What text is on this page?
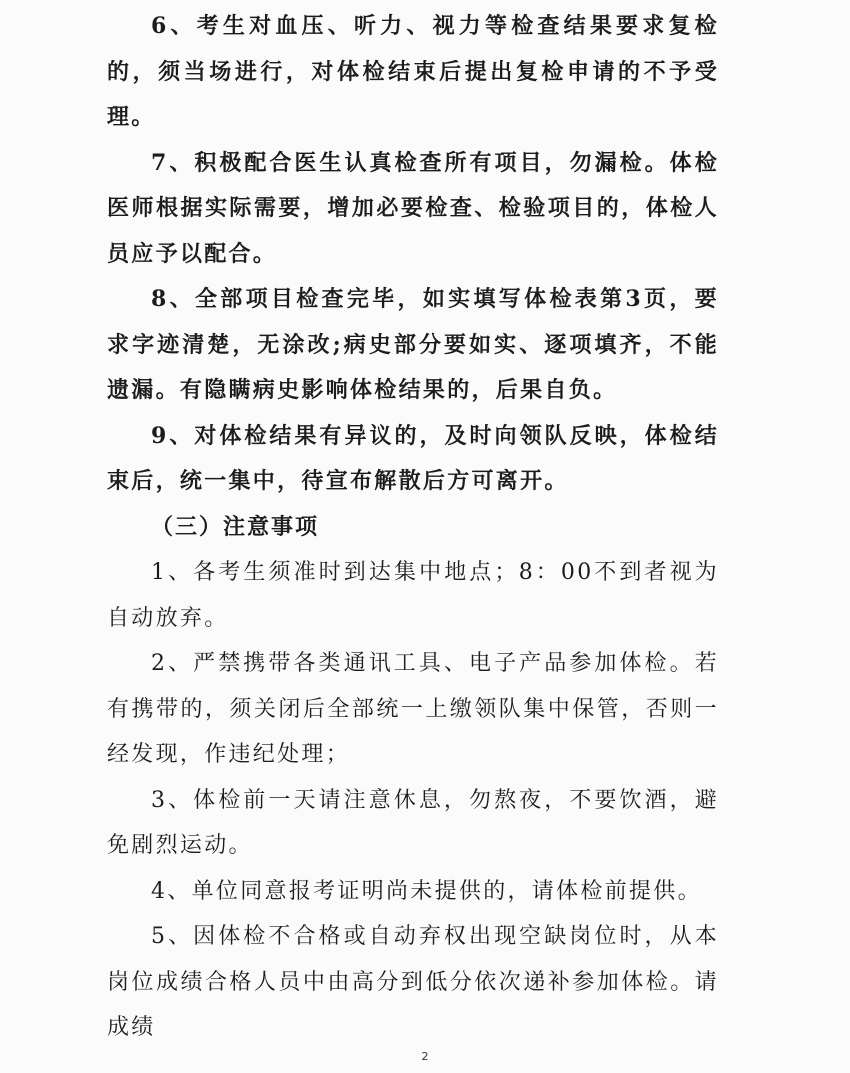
6、考生对血压、听力、视力等检查结果要求复检的，须当场进行，对体检结束后提出复检申请的不予受理。

7、积极配合医生认真检查所有项目，勿漏检。体检医师根据实际需要，增加必要检查、检验项目的，体检人员应予以配合。

8、全部项目检查完毕，如实填写体检表第3页，要求字迹清楚，无涂改;病史部分要如实、逐项填齐，不能遗漏。有隐瞒病史影响体检结果的，后果自负。

9、对体检结果有异议的，及时向领队反映，体检结束后，统一集中，待宣布解散后方可离开。

（三）注意事项

1、各考生须准时到达集中地点；8：00不到者视为自动放弃。

2、严禁携带各类通讯工具、电子产品参加体检。若有携带的，须关闭后全部统一上缴领队集中保管，否则一经发现，作违纪处理；

3、体检前一天请注意休息，勿熬夜，不要饮酒，避免剧烈运动。

4、单位同意报考证明尚未提供的，请体检前提供。

5、因体检不合格或自动弃权出现空缺岗位时，从本岗位成绩合格人员中由高分到低分依次递补参加体检。请成绩

2
